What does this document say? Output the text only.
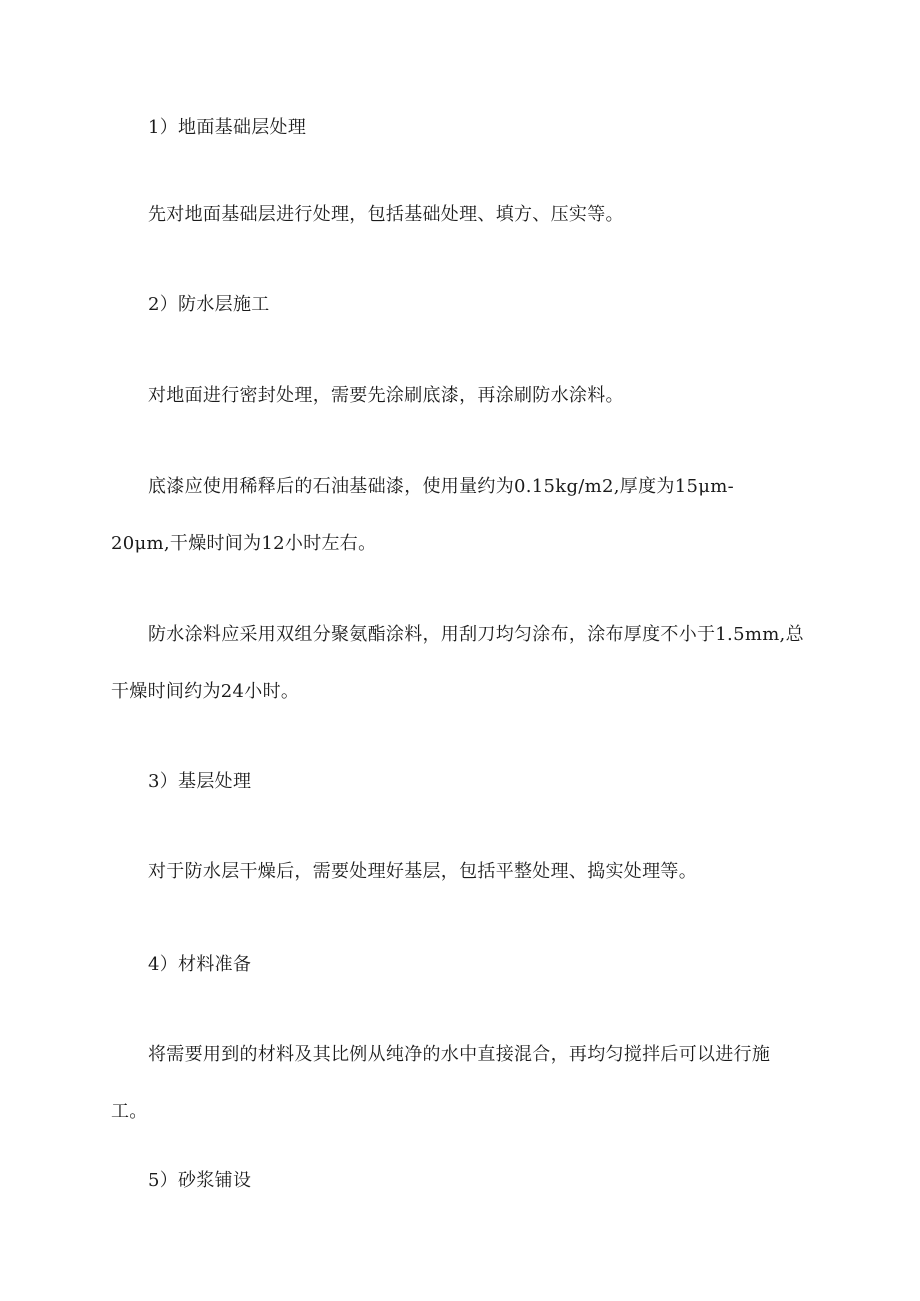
1）地面基础层处理
先对地面基础层进行处理，包括基础处理、填方、压实等。
2）防水层施工
对地面进行密封处理，需要先涂刷底漆，再涂刷防水涂料。
底漆应使用稀释后的石油基础漆，使用量约为0.15kg/m2,厚度为15μm-
20μm,干燥时间为12小时左右。
防水涂料应采用双组分聚氨酯涂料，用刮刀均匀涂布，涂布厚度不小于1.5mm,总
干燥时间约为24小时。
3）基层处理
对于防水层干燥后，需要处理好基层，包括平整处理、捣实处理等。
4）材料准备
将需要用到的材料及其比例从纯净的水中直接混合，再均匀搅拌后可以进行施
工。
5）砂浆铺设
